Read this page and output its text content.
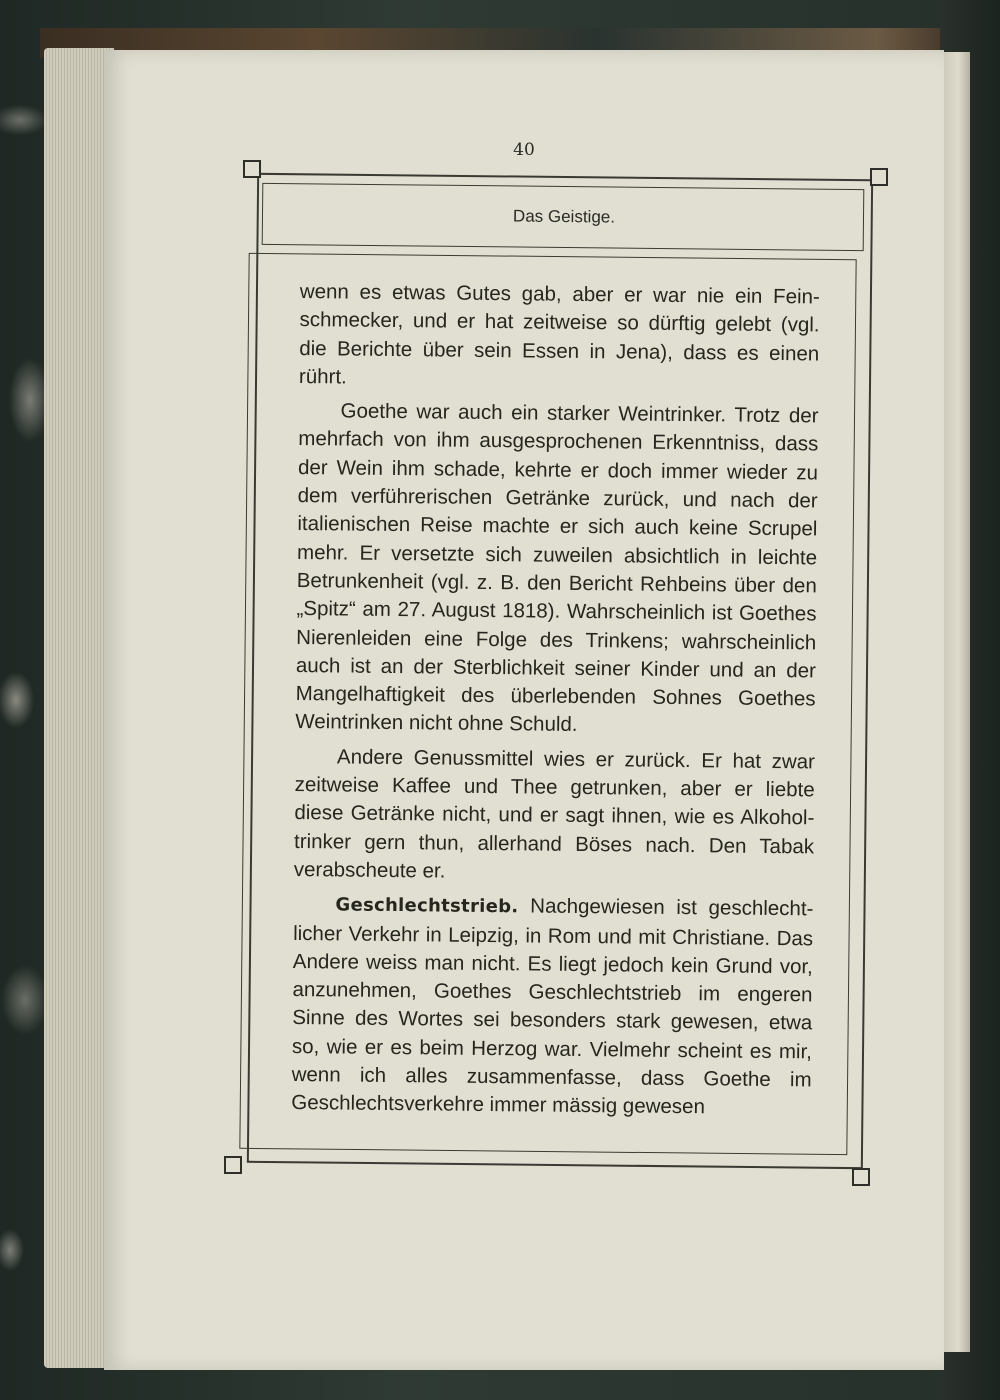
40
Das Geistige.

wenn es etwas Gutes gab, aber er war nie ein Feinschmecker, und er hat zeitweise so dürftig gelebt (vgl. die Berichte über sein Essen in Jena), dass es einen rührt.

Goethe war auch ein starker Weintrinker. Trotz der mehrfach von ihm ausgesprochenen Erkenntniss, dass der Wein ihm schade, kehrte er doch immer wieder zu dem verführerischen Getränke zurück, und nach der italienischen Reise machte er sich auch keine Scrupel mehr. Er versetzte sich zuweilen absichtlich in leichte Betrunkenheit (vgl. z. B. den Bericht Rehbeins über den „Spitz“ am 27. August 1818). Wahrscheinlich ist Goethes Nierenleiden eine Folge des Trinkens; wahrscheinlich auch ist an der Sterblichkeit seiner Kinder und an der Mangelhaftigkeit des überlebenden Sohnes Goethes Weintrinken nicht ohne Schuld.

Andere Genussmittel wies er zurück. Er hat zwar zeitweise Kaffee und Thee getrunken, aber er liebte diese Getränke nicht, und er sagt ihnen, wie es Alkoholtrinker gern thun, allerhand Böses nach. Den Tabak verabscheute er.

Geschlechtstrieb. Nachgewiesen ist geschlechtlicher Verkehr in Leipzig, in Rom und mit Christiane. Das Andere weiss man nicht. Es liegt jedoch kein Grund vor, anzunehmen, Goethes Geschlechtstrieb im engeren Sinne des Wortes sei besonders stark gewesen, etwa so, wie er es beim Herzog war. Vielmehr scheint es mir, wenn ich alles zusammenfasse, dass Goethe im Geschlechtsverkehre immer mässig gewesen
